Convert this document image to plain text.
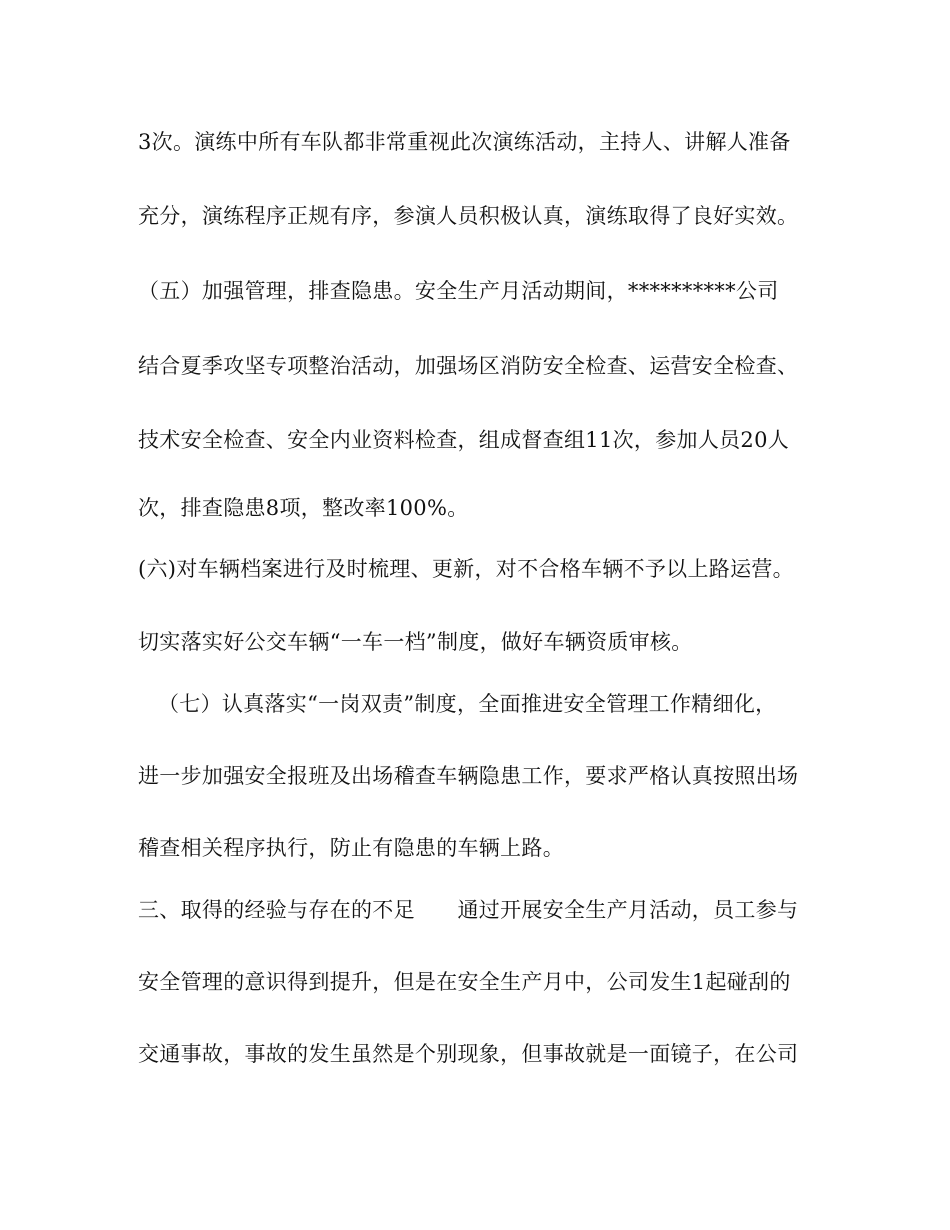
3次。演练中所有车队都非常重视此次演练活动，主持人、讲解人准备
充分，演练程序正规有序，参演人员积极认真，演练取得了良好实效。
（五）加强管理，排查隐患。安全生产月活动期间，**********公司
结合夏季攻坚专项整治活动，加强场区消防安全检查、运营安全检查、
技术安全检查、安全内业资料检查，组成督查组11次，参加人员20人
次，排查隐患8项，整改率100%。
(六)对车辆档案进行及时梳理、更新，对不合格车辆不予以上路运营。
切实落实好公交车辆“一车一档”制度，做好车辆资质审核。
（七）认真落实“一岗双责”制度，全面推进安全管理工作精细化，
进一步加强安全报班及出场稽查车辆隐患工作，要求严格认真按照出场
稽查相关程序执行，防止有隐患的车辆上路。
三、取得的经验与存在的不足　　通过开展安全生产月活动，员工参与
安全管理的意识得到提升，但是在安全生产月中，公司发生1起碰刮的
交通事故，事故的发生虽然是个别现象，但事故就是一面镜子，在公司
